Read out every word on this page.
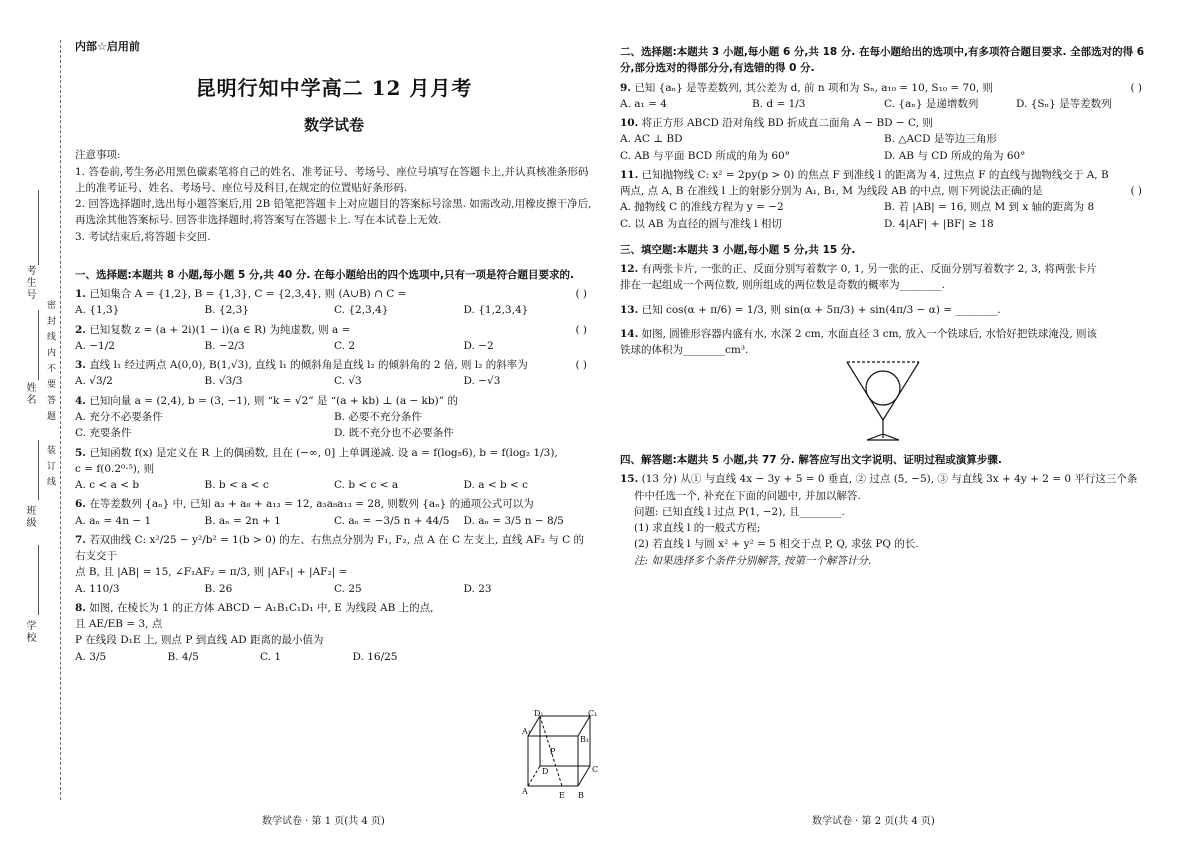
考生号
姓名 密 封 线 内 不 要 答 题
装 订 线
班级
学校
内部☆启用前
昆明行知中学高二 12 月月考
数学试卷

注意事项:

1. 答卷前,考生务必用黑色碳素笔将自己的姓名、准考证号、考场号、座位号填写在答题卡上,并认真核准条形码上的准考证号、姓名、考场号、座位号及科目,在规定的位置贴好条形码.

2. 回答选择题时,选出每小题答案后,用 2B 铅笔把答题卡上对应题目的答案标号涂黑. 如需改动,用橡皮擦干净后,再选涂其他答案标号. 回答非选择题时,将答案写在答题卡上. 写在本试卷上无效.

3. 考试结束后,将答题卡交回.

一、选择题:本题共 8 小题,每小题 5 分,共 40 分. 在每小题给出的四个选项中,只有一项是符合题目要求的.
( )
1. 已知集合 A = {1,2}, B = {1,3}, C = {2,3,4}, 则 (A∪B) ∩ C =
A. {1,3}	B. {2,3}	C. {2,3,4}	D. {1,2,3,4}
( )
2. 已知复数 z = (a + 2i)(1 − i)(a ∈ R) 为纯虚数, 则 a =
A. −1/2	B. −2/3	C. 2	D. −2
( )
3. 直线 l₁ 经过两点 A(0,0), B(1,√3), 直线 l₁ 的倾斜角是直线 l₂ 的倾斜角的 2 倍, 则 l₂ 的斜率为
A. √3/2	B. √3/3	C. √3	D. −√3
4. 已知向量 a = (2,4), b = (3, −1), 则 “k = √2” 是 “(a + kb) ⊥ (a − kb)” 的
A. 充分不必要条件	B. 必要不充分条件
C. 充要条件	D. 既不充分也不必要条件
5. 已知函数 f(x) 是定义在 R 上的偶函数, 且在 (−∞, 0] 上单调递减. 设 a = f(log₅6), b = f(log₂ 1/3),
c = f(0.2⁰·⁵), 则
A. c < a < b	B. b < a < c	C. b < c < a	D. a < b < c
6. 在等差数列 {aₙ} 中, 已知 a₃ + a₈ + a₁₃ = 12, a₃a₈a₁₃ = 28, 则数列 {aₙ} 的通项公式可以为
A. aₙ = 4n − 1	B. aₙ = 2n + 1	C. aₙ = −3/5 n + 44/5	D. aₙ = 3/5 n − 8/5
7. 若双曲线 C: x²/25 − y²/b² = 1(b > 0) 的左、右焦点分别为 F₁, F₂, 点 A 在 C 左支上, 直线 AF₂ 与 C 的右支交于
点 B, 且 |AB| = 15, ∠F₁AF₂ = π/3, 则 |AF₁| + |AF₂| =
A. 110/3	B. 26	C. 25	D. 23
8. 如图, 在棱长为 1 的正方体 ABCD − A₁B₁C₁D₁ 中, E 为线段 AB 上的点, 且 AE/EB = 3, 点
P 在线段 D₁E 上, 则点 P 到直线 AD 距离的最小值为
A. 3/5	B. 4/5	C. 1	D. 16/25
D₁	C₁
A₁
B₁
P
D	C
A	E B
二、选择题:本题共 3 小题,每小题 6 分,共 18 分. 在每小题给出的选项中,有多项符合题目要求. 全部选对的得 6 分,部分选对的得部分分,有选错的得 0 分.
( )
9. 已知 {aₙ} 是等差数列, 其公差为 d, 前 n 项和为 Sₙ, a₁₀ = 10, S₁₀ = 70, 则
A. a₁ = 4	B. d = 1/3	C. {aₙ} 是递增数列	D. {Sₙ} 是等差数列
10. 将正方形 ABCD 沿对角线 BD 折成直二面角 A − BD − C, 则
A. AC ⊥ BD	B. △ACD 是等边三角形
C. AB 与平面 BCD 所成的角为 60°	D. AB 与 CD 所成的角为 60°
11. 已知抛物线 C: x² = 2py(p > 0) 的焦点 F 到准线 l 的距离为 4, 过焦点 F 的直线与抛物线交于 A, B
( )
两点, 点 A, B 在准线 l 上的射影分别为 A₁, B₁, M 为线段 AB 的中点, 则下列说法正确的是
A. 抛物线 C 的准线方程为 y = −2	B. 若 |AB| = 16, 则点 M 到 x 轴的距离为 8
C. 以 AB 为直径的圆与准线 l 相切	D. 4|AF| + |BF| ≥ 18
三、填空题:本题共 3 小题,每小题 5 分,共 15 分.
12. 有两张卡片, 一张的正、反面分别写着数字 0, 1, 另一张的正、反面分别写着数字 2, 3, 将两张卡片
排在一起组成一个两位数, 则所组成的两位数是奇数的概率为________.
13. 已知 cos(α + π/6) = 1/3, 则 sin(α + 5π/3) + sin(4π/3 − α) = ________.
14. 如图, 圆锥形容器内盛有水, 水深 2 cm, 水面直径 3 cm, 放入一个铁球后, 水恰好把铁球淹没, 则该
铁球的体积为________cm³.
四、解答题:本题共 5 小题,共 77 分. 解答应写出文字说明、证明过程或演算步骤.
15. (13 分) 从① 与直线 4x − 3y + 5 = 0 垂直, ② 过点 (5, −5), ③ 与直线 3x + 4y + 2 = 0 平行这三个条
件中任选一个, 补充在下面的问题中, 并加以解答.
问题: 已知直线 l 过点 P(1, −2), 且________.
(1) 求直线 l 的一般式方程;
(2) 若直线 l 与圆 x² + y² = 5 相交于点 P, Q, 求弦 PQ 的长.
注: 如果选择多个条件分别解答, 按第一个解答计分.
数学试卷 · 第 1 页(共 4 页)	数学试卷 · 第 2 页(共 4 页)
